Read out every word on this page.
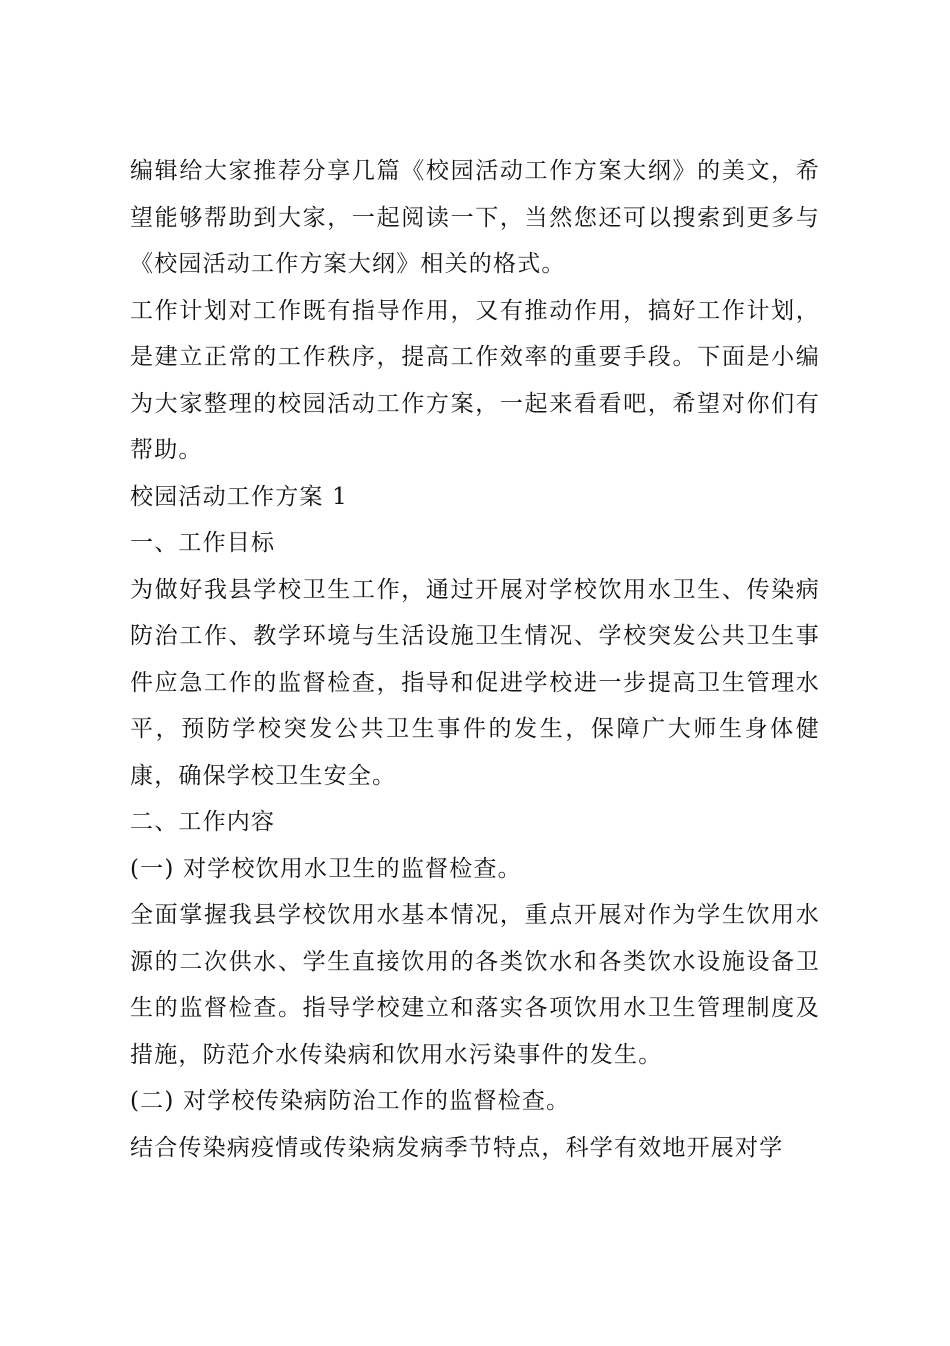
编辑给大家推荐分享几篇《校园活动工作方案大纲》的美文，希望能够帮助到大家，一起阅读一下，当然您还可以搜索到更多与《校园活动工作方案大纲》相关的格式。

工作计划对工作既有指导作用，又有推动作用，搞好工作计划，是建立正常的工作秩序，提高工作效率的重要手段。下面是小编为大家整理的校园活动工作方案，一起来看看吧，希望对你们有帮助。

校园活动工作方案 1

一、工作目标

为做好我县学校卫生工作，通过开展对学校饮用水卫生、传染病防治工作、教学环境与生活设施卫生情况、学校突发公共卫生事件应急工作的监督检查，指导和促进学校进一步提高卫生管理水平，预防学校突发公共卫生事件的发生，保障广大师生身体健康，确保学校卫生安全。

二、工作内容

(一) 对学校饮用水卫生的监督检查。

全面掌握我县学校饮用水基本情况，重点开展对作为学生饮用水源的二次供水、学生直接饮用的各类饮水和各类饮水设施设备卫生的监督检查。指导学校建立和落实各项饮用水卫生管理制度及措施，防范介水传染病和饮用水污染事件的发生。

(二) 对学校传染病防治工作的监督检查。

结合传染病疫情或传染病发病季节特点，科学有效地开展对学
